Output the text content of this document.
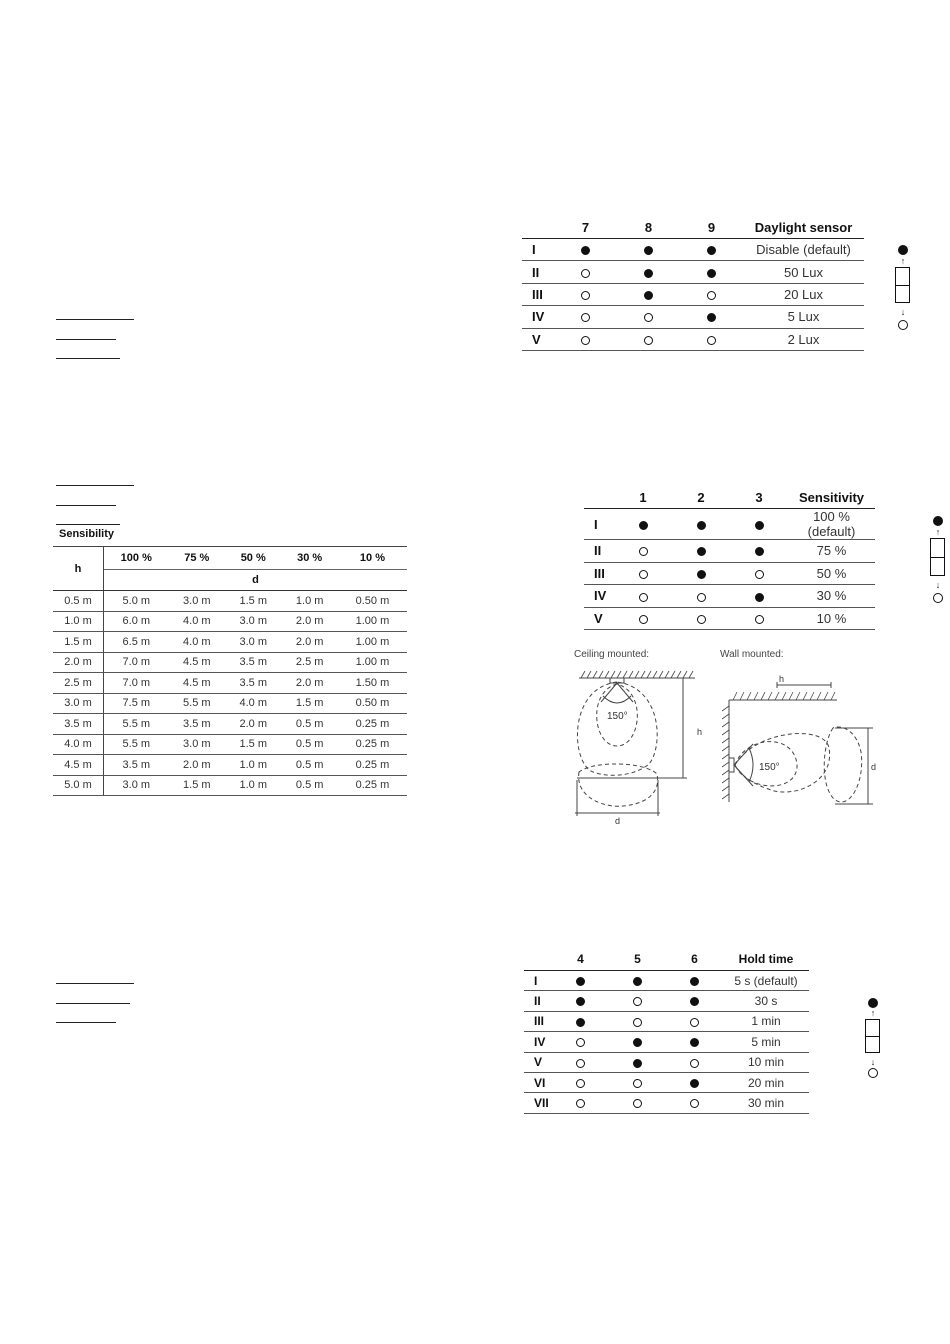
	7	8	9	Daylight sensor
I				Disable (default)
II				50 Lux
III				20 Lux
IV				5 Lux
V				2 Lux
↑
↓
	1	2	3	Sensitivity
I				100 % (default)
II				75 %
III				50 %
IV				30 %
V				10 %
↑
↓
Sensibility
h	100 %	75 %	50 %	30 %	10 %
	d				
0.5 m	5.0 m	3.0 m	1.5 m	1.0 m	0.50 m
1.0 m	6.0 m	4.0 m	3.0 m	2.0 m	1.00 m
1.5 m	6.5 m	4.0 m	3.0 m	2.0 m	1.00 m
2.0 m	7.0 m	4.5 m	3.5 m	2.5 m	1.00 m
2.5 m	7.0 m	4.5 m	3.5 m	2.0 m	1.50 m
3.0 m	7.5 m	5.5 m	4.0 m	1.5 m	0.50 m
3.5 m	5.5 m	3.5 m	2.0 m	0.5 m	0.25 m
4.0 m	5.5 m	3.0 m	1.5 m	0.5 m	0.25 m
4.5 m	3.5 m	2.0 m	1.0 m	0.5 m	0.25 m
5.0 m	3.0 m	1.5 m	1.0 m	0.5 m	0.25 m
Ceiling mounted:	Wall mounted:
150°
h
d
150°
h
d
	4	5	6	Hold time
I				5 s (default)
II				30 s
III				1 min
IV				5 min
V				10 min
VI				20 min
VII				30 min
↑
↓
